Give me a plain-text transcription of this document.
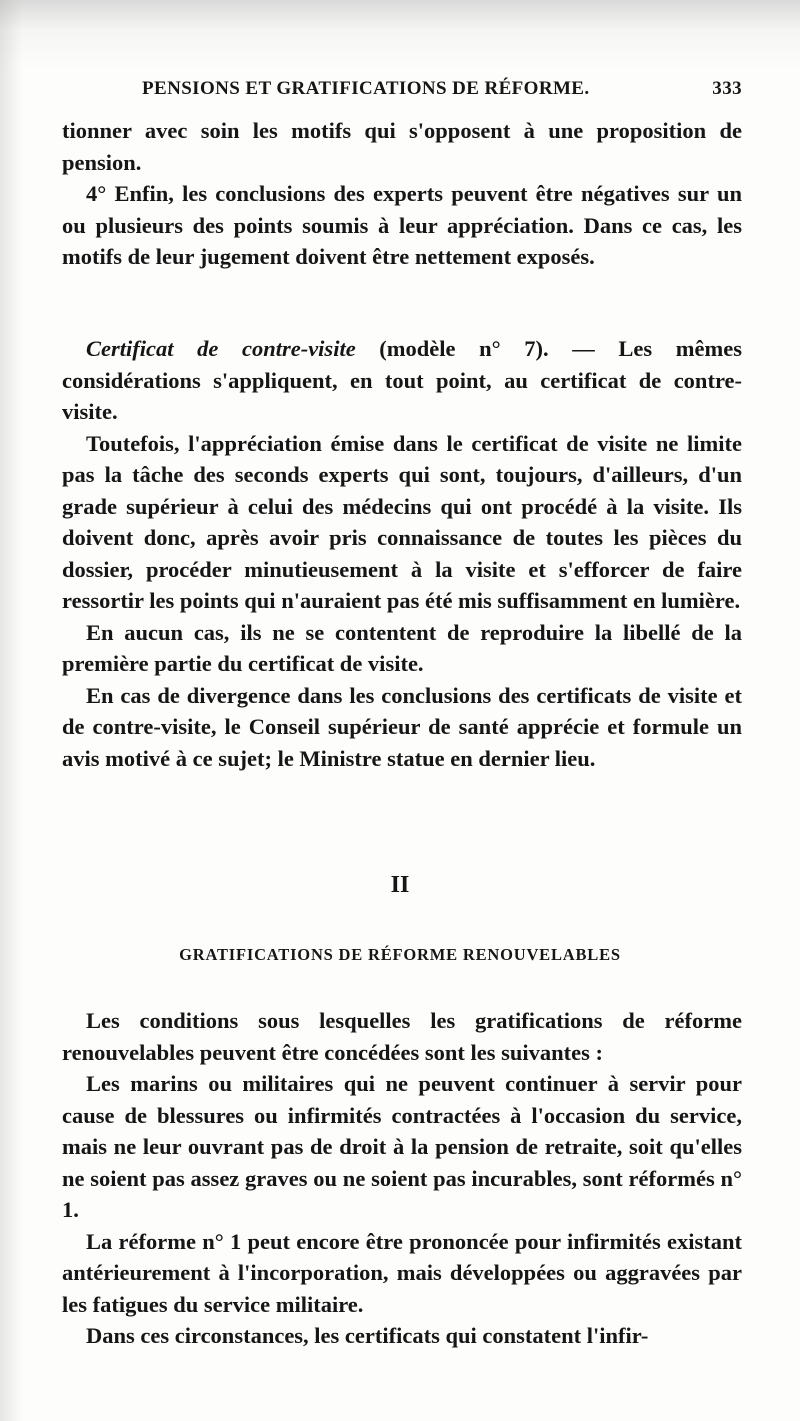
PENSIONS ET GRATIFICATIONS DE RÉFORME.	333

tionner avec soin les motifs qui s'opposent à une proposition de pension.

4° Enfin, les conclusions des experts peuvent être négatives sur un ou plusieurs des points soumis à leur appréciation. Dans ce cas, les motifs de leur jugement doivent être nettement exposés.

Certificat de contre-visite (modèle n° 7). — Les mêmes considérations s'appliquent, en tout point, au certificat de contre-visite.

Toutefois, l'appréciation émise dans le certificat de visite ne limite pas la tâche des seconds experts qui sont, toujours, d'ailleurs, d'un grade supérieur à celui des médecins qui ont procédé à la visite. Ils doivent donc, après avoir pris connaissance de toutes les pièces du dossier, procéder minutieusement à la visite et s'efforcer de faire ressortir les points qui n'auraient pas été mis suffisamment en lumière.

En aucun cas, ils ne se contentent de reproduire la libellé de la première partie du certificat de visite.

En cas de divergence dans les conclusions des certificats de visite et de contre-visite, le Conseil supérieur de santé apprécie et formule un avis motivé à ce sujet; le Ministre statue en dernier lieu.

II
GRATIFICATIONS DE RÉFORME RENOUVELABLES

Les conditions sous lesquelles les gratifications de réforme renouvelables peuvent être concédées sont les suivantes :

Les marins ou militaires qui ne peuvent continuer à servir pour cause de blessures ou infirmités contractées à l'occasion du service, mais ne leur ouvrant pas de droit à la pension de retraite, soit qu'elles ne soient pas assez graves ou ne soient pas incurables, sont réformés n° 1.

La réforme n° 1 peut encore être prononcée pour infirmités existant antérieurement à l'incorporation, mais développées ou aggravées par les fatigues du service militaire.

Dans ces circonstances, les certificats qui constatent l'infir-
